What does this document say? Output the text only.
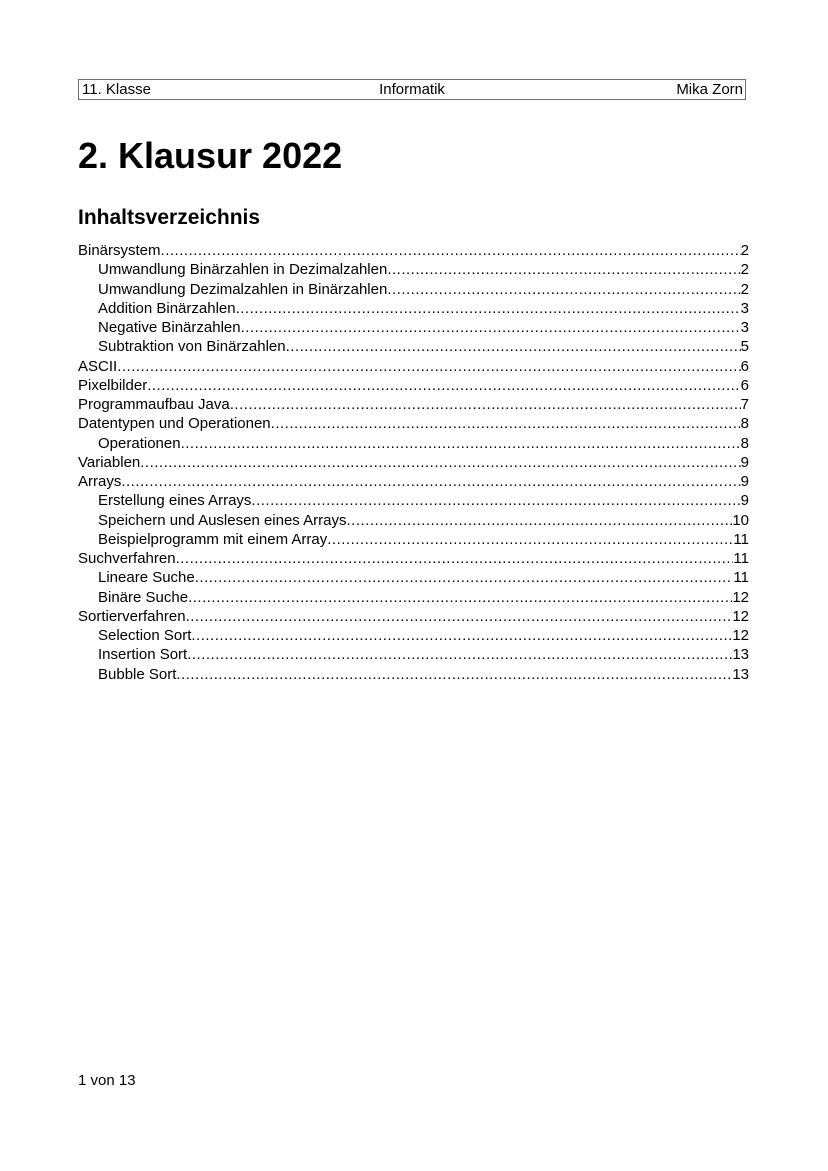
11. Klasse	Informatik	Mika Zorn
2. Klausur 2022
Inhaltsverzeichnis
Binärsystem .....	2
Umwandlung Binärzahlen in Dezimalzahlen .....	2
Umwandlung Dezimalzahlen in Binärzahlen .....	2
Addition Binärzahlen .....	3
Negative Binärzahlen .....	3
Subtraktion von Binärzahlen .....	5
ASCII .....	6
Pixelbilder .....	6
Programmaufbau Java .....	7
Datentypen und Operationen .....	8
Operationen .....	8
Variablen .....	9
Arrays .....	9
Erstellung eines Arrays .....	9
Speichern und Auslesen eines Arrays .....	10
Beispielprogramm mit einem Array .....	11
Suchverfahren .....	11
Lineare Suche .....	11
Binäre Suche .....	12
Sortierverfahren .....	12
Selection Sort .....	12
Insertion Sort .....	13
Bubble Sort .....	13
1 von 13
